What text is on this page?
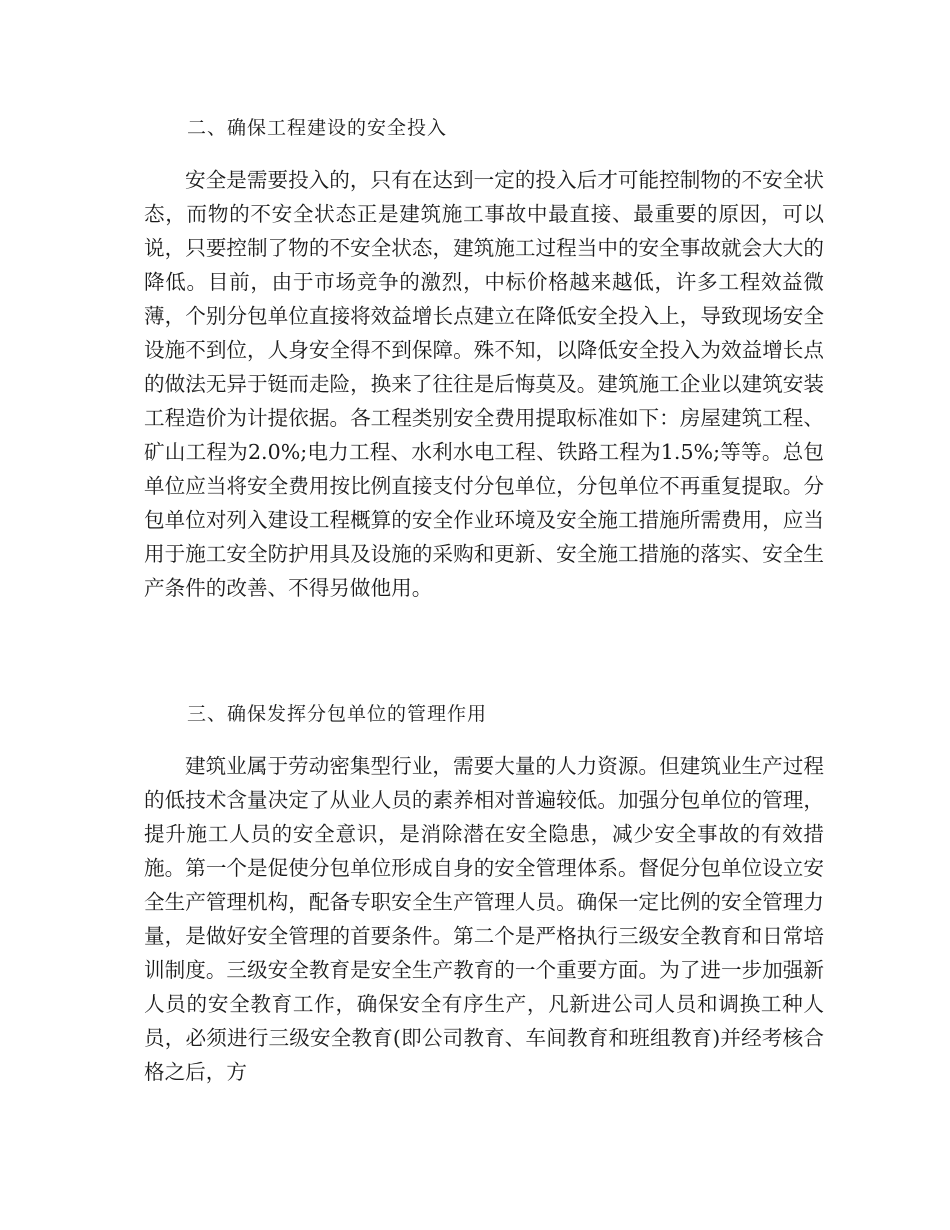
二、确保工程建设的安全投入

安全是需要投入的，只有在达到一定的投入后才可能控制物的不安全状态，而物的不安全状态正是建筑施工事故中最直接、最重要的原因，可以说，只要控制了物的不安全状态，建筑施工过程当中的安全事故就会大大的降低。目前，由于市场竞争的激烈，中标价格越来越低，许多工程效益微薄，个别分包单位直接将效益增长点建立在降低安全投入上，导致现场安全设施不到位，人身安全得不到保障。殊不知，以降低安全投入为效益增长点的做法无异于铤而走险，换来了往往是后悔莫及。建筑施工企业以建筑安装工程造价为计提依据。各工程类别安全费用提取标准如下：房屋建筑工程、矿山工程为2.0%;电力工程、水利水电工程、铁路工程为1.5%;等等。总包单位应当将安全费用按比例直接支付分包单位，分包单位不再重复提取。分包单位对列入建设工程概算的安全作业环境及安全施工措施所需费用，应当用于施工安全防护用具及设施的采购和更新、安全施工措施的落实、安全生产条件的改善、不得另做他用。

三、确保发挥分包单位的管理作用

建筑业属于劳动密集型行业，需要大量的人力资源。但建筑业生产过程的低技术含量决定了从业人员的素养相对普遍较低。加强分包单位的管理，提升施工人员的安全意识，是消除潜在安全隐患，减少安全事故的有效措施。第一个是促使分包单位形成自身的安全管理体系。督促分包单位设立安全生产管理机构，配备专职安全生产管理人员。确保一定比例的安全管理力量，是做好安全管理的首要条件。第二个是严格执行三级安全教育和日常培训制度。三级安全教育是安全生产教育的一个重要方面。为了进一步加强新人员的安全教育工作，确保安全有序生产，凡新进公司人员和调换工种人员，必须进行三级安全教育(即公司教育、车间教育和班组教育)并经考核合格之后，方
